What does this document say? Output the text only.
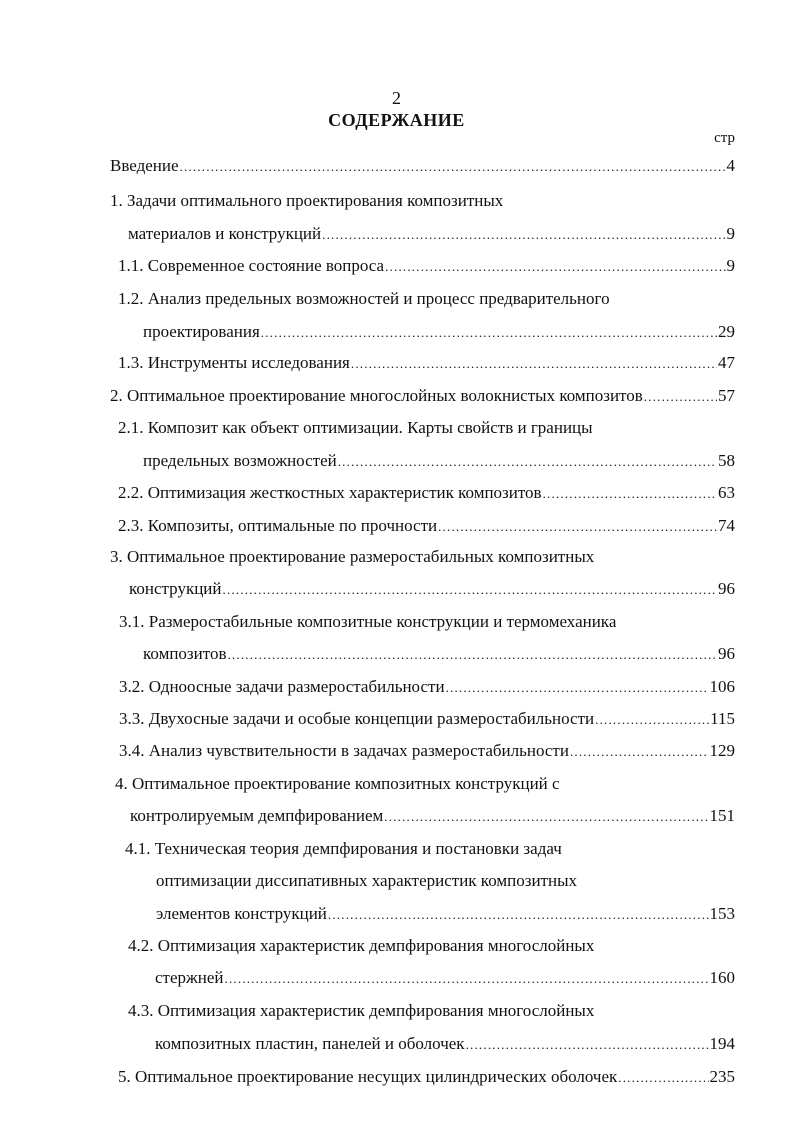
2
СОДЕРЖАНИЕ
стр
Введение .....	4
1. Задачи оптимального проектирования композитных
материалов и конструкций .....	9
1.1. Современное состояние вопроса .....	9
1.2. Анализ предельных возможностей и процесс предварительного
проектирования .....	29
1.3. Инструменты исследования .....	47
2. Оптимальное проектирование многослойных волокнистых композитов .....	57
2.1. Композит как объект оптимизации. Карты свойств и границы
предельных возможностей .....	58
2.2. Оптимизация жесткостных характеристик композитов .....	63
2.3. Композиты, оптимальные по прочности .....	74
3. Оптимальное проектирование размеростабильных композитных
конструкций .....	96
3.1. Размеростабильные композитные конструкции и термомеханика
композитов .....	96
3.2. Одноосные задачи размеростабильности .....	106
3.3. Двухосные задачи и особые концепции размеростабильности .....	115
3.4. Анализ чувствительности в задачах размеростабильности .....	129
4. Оптимальное проектирование композитных конструкций с
контролируемым демпфированием .....	151
4.1. Техническая теория демпфирования и постановки задач
оптимизации диссипативных характеристик композитных
элементов конструкций .....	153
4.2. Оптимизация характеристик демпфирования многослойных
стержней .....	160
4.3. Оптимизация характеристик демпфирования многослойных
композитных пластин, панелей и оболочек .....	194
5. Оптимальное проектирование несущих цилиндрических оболочек .....	235
